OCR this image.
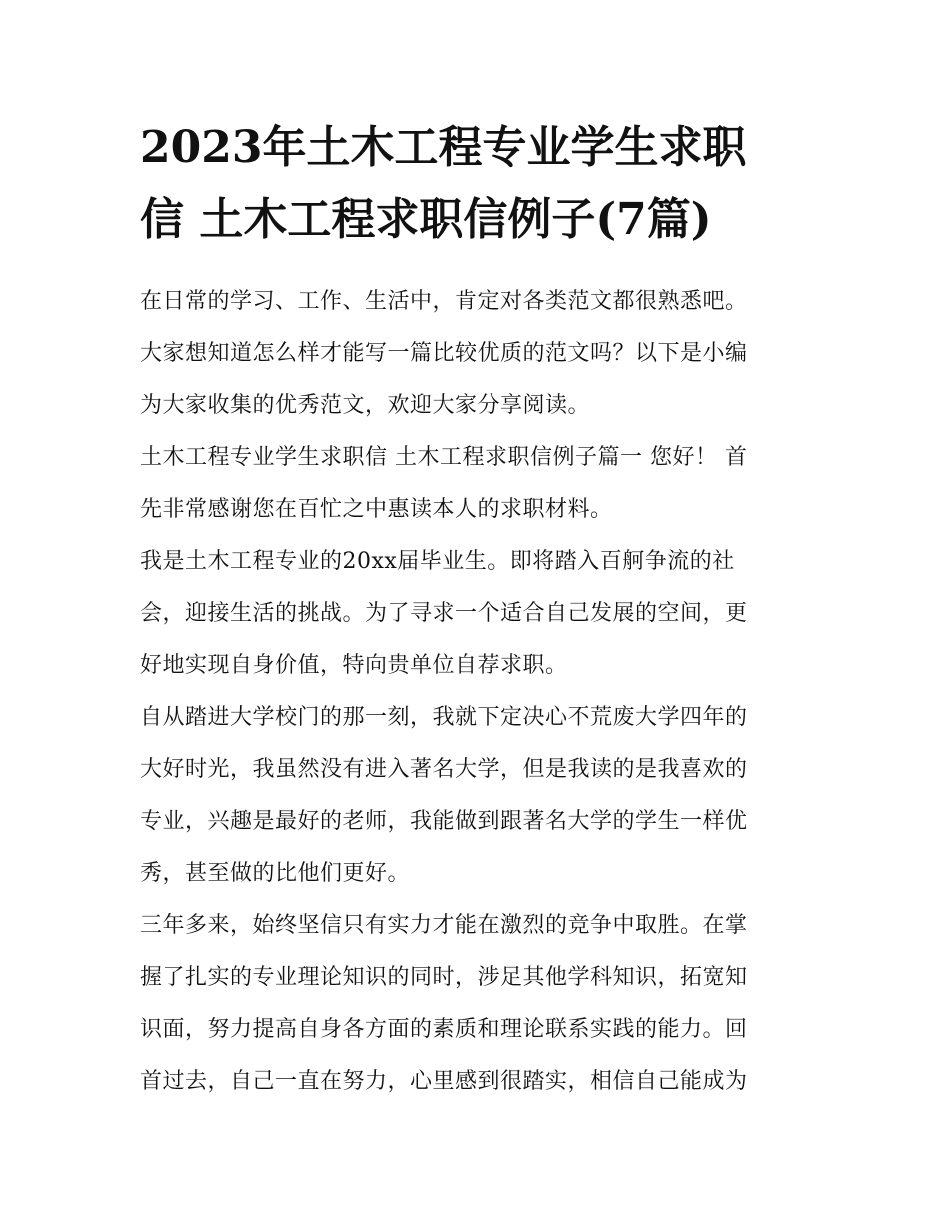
2023年土木工程专业学生求职
信 土木工程求职信例子(7篇)

在日常的学习、工作、生活中，肯定对各类范文都很熟悉吧。
大家想知道怎么样才能写一篇比较优质的范文吗？以下是小编
为大家收集的优秀范文，欢迎大家分享阅读。

土木工程专业学生求职信 土木工程求职信例子篇一 您好！ 首
先非常感谢您在百忙之中惠读本人的求职材料。

我是土木工程专业的20xx届毕业生。即将踏入百舸争流的社
会，迎接生活的挑战。为了寻求一个适合自己发展的空间，更
好地实现自身价值，特向贵单位自荐求职。

自从踏进大学校门的那一刻，我就下定决心不荒废大学四年的
大好时光，我虽然没有进入著名大学，但是我读的是我喜欢的
专业，兴趣是最好的老师，我能做到跟著名大学的学生一样优
秀，甚至做的比他们更好。

三年多来，始终坚信只有实力才能在激烈的竞争中取胜。在掌
握了扎实的专业理论知识的同时，涉足其他学科知识，拓宽知
识面，努力提高自身各方面的素质和理论联系实践的能力。回
首过去，自己一直在努力，心里感到很踏实，相信自己能成为
